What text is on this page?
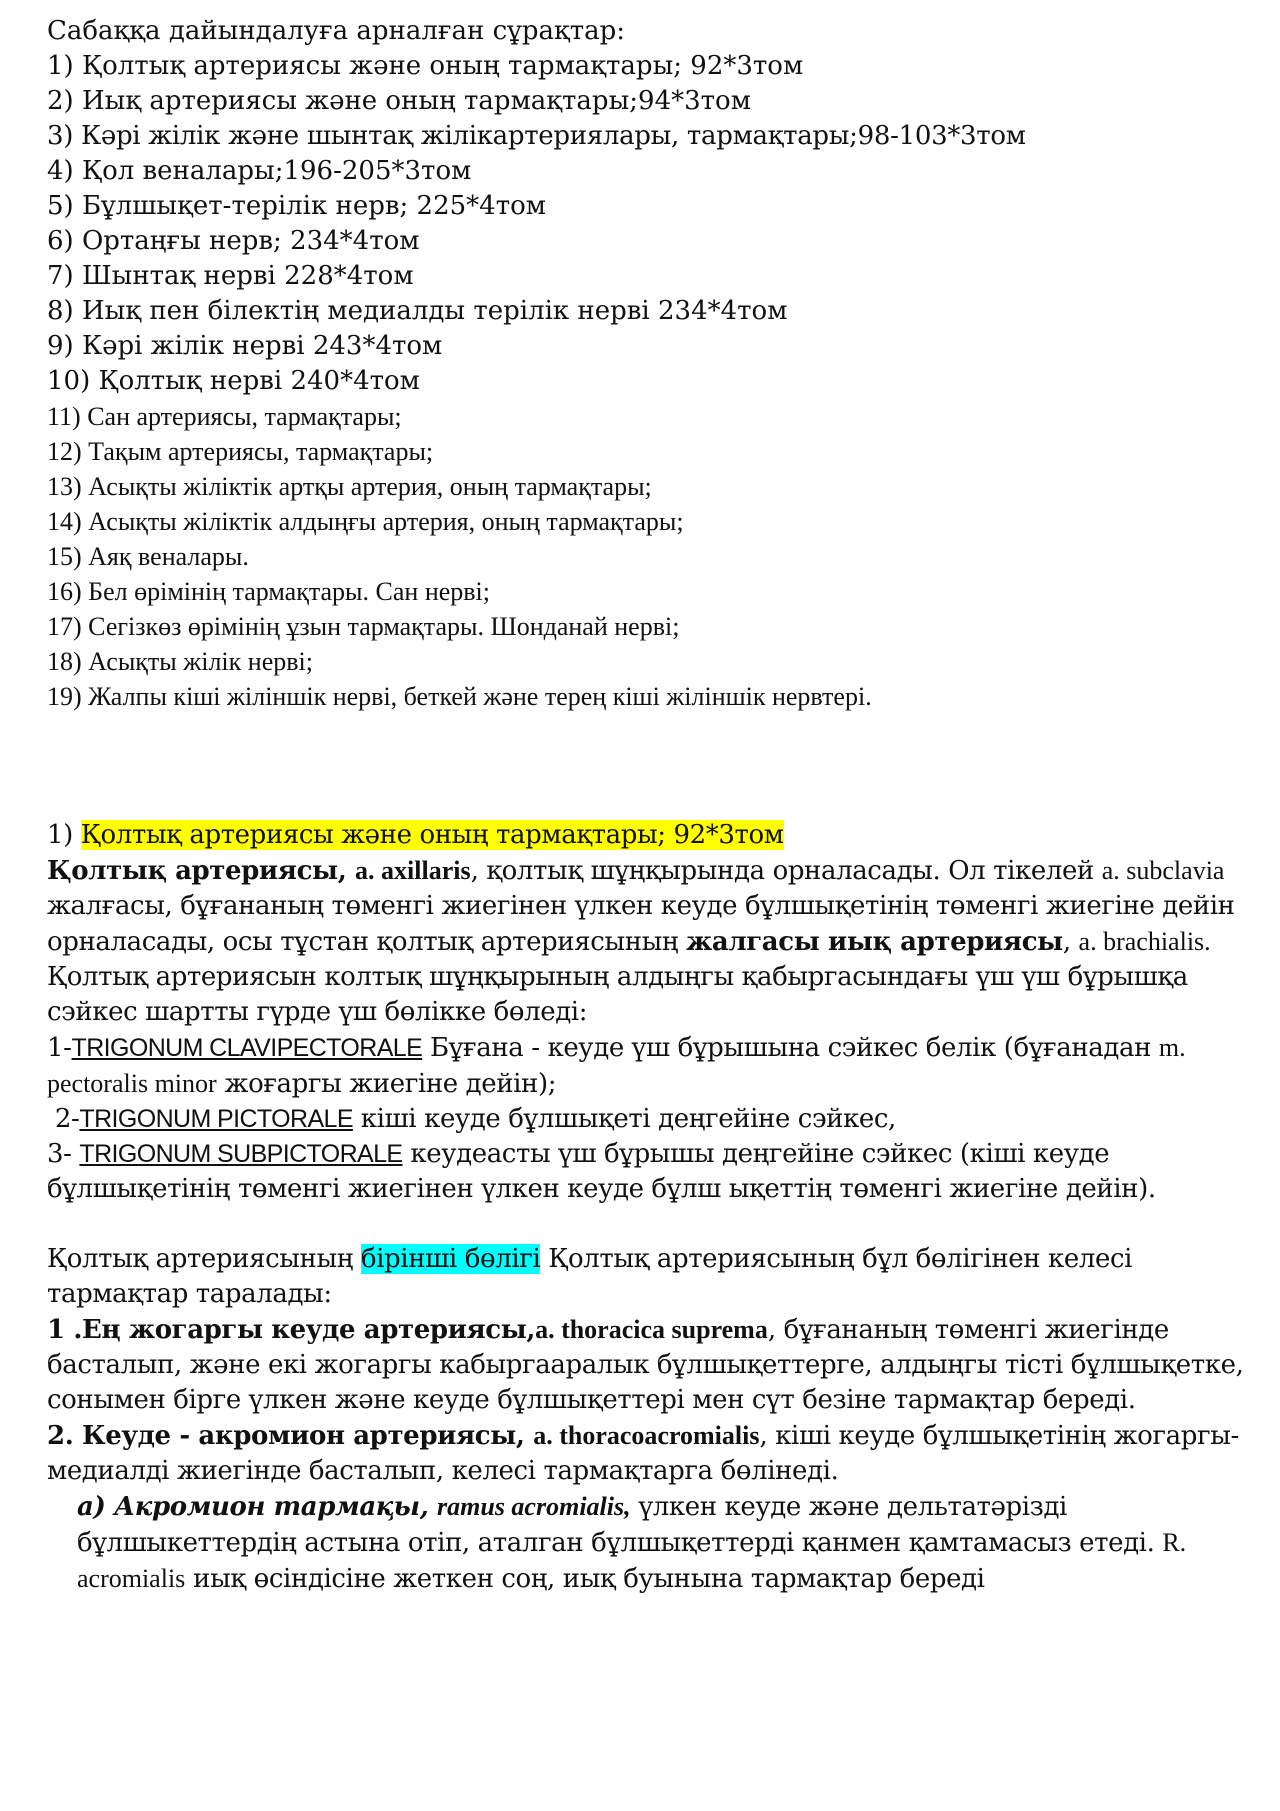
Сабаққа дайындалуға арналған сұрақтар:

1) Қолтық артериясы және оның тармақтары; 92*3том

2) Иық артериясы және оның тармақтары;94*3том

3) Кәрі жілік және шынтақ жілікартериялары, тармақтары;98-103*3том

4) Қол веналары;196-205*3том

5) Бұлшықет-терілік нерв; 225*4том

6) Ортаңғы нерв; 234*4том

7) Шынтақ нерві 228*4том

8) Иық пен білектің медиалды терілік нерві 234*4том

9) Кәрі жілік нерві 243*4том

10) Қолтық нерві 240*4том

11) Сан артериясы, тармақтары;

12) Тақым артериясы, тармақтары;

13) Асықты жіліктік артқы артерия, оның тармақтары;

14) Асықты жіліктік алдыңғы артерия, оның тармақтары;

15) Аяқ веналары.

16) Бел өрімінің тармақтары. Сан нерві;

17) Сегізкөз өрімінің ұзын тармақтары. Шонданай нерві;

18) Асықты жілік нерві;

19) Жалпы кіші жіліншік нерві, беткей және терең кіші жіліншік нервтері.

1) Қолтық артериясы және оның тармақтары; 92*3том

Қолтық артериясы, a. axillaris, қолтық шұңқырында орналасады. Ол тікелей a. subclavia жалғасы, бұғананың төменгі жиегінен үлкен кеуде бұлшықетінің төменгі жиегіне дейін орналасады, осы тұстан қолтық артериясының жалгасы иық артериясы, a. brachialis.

Қолтық артериясын колтық шұңқырының алдыңгы қабыргасындағы үш үш бұрышқа сэйкес шартты гүрде үш бөлікке бөледі:

1-TRIGONUM CLAVIPECTORALE Бұғана - кеуде үш бұрышына сэйкес белік (бұғанадан m. pectoralis minor жоғаргы жиегіне дейін);

2-TRIGONUM PICTORALE кіші кеуде бұлшықеті деңгейіне сэйкес,

3- TRIGONUM SUBPICTORALE кеудеасты үш бұрышы деңгейіне сэйкес (кіші кеуде бұлшықетінің төменгі жиегінен үлкен кеуде бұлш ықеттің төменгі жиегіне дейін).

Қолтық артериясының бірінші бөлігі Қолтық артериясының бұл бөлігінен келесі тармақтар таралады:

1 .Ең жогаргы кеуде артериясы,a. thoracica suprema, бұғананың төменгі жиегінде басталып, және екі жогаргы кабыргааралык бұлшықеттерге, алдыңгы тісті бұлшықетке, сонымен бірге үлкен және кеуде бұлшықеттері мен сүт безіне тармақтар береді.

2. Кеуде - акромион артериясы, a. thoracoacromialis, кіші кеуде бұлшықетінің жогаргы-медиалді жиегінде басталып, келесі тармақтарга бөлінеді.

а) Акромион тармақы, ramus acromialis, үлкен кеуде және дельтатәрізді бұлшыкеттердің астына отіп, аталган бұлшықеттерді қанмен қамтамасыз етеді. R. acromialis иық өсіндісіне жеткен соң, иық буынына тармақтар береді
